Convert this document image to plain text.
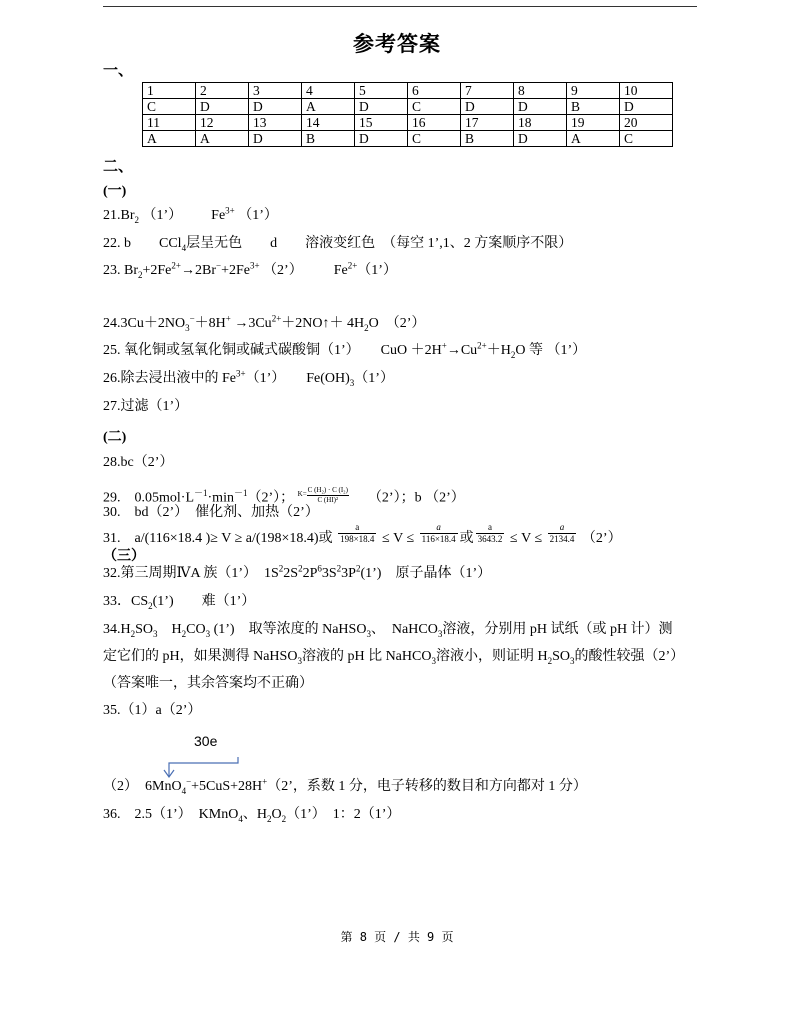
参考答案
一、
1	2	3	4	5	6	7	8	9	10
C	D	D	A	D	C	D	D	B	D
11	12	13	14	15	16	17	18	19	20
A	A	D	B	D	C	B	D	A	C
二、
(一)
$21.Br_2$ （1’） $Fe^{3+}$ （1’）
22. b　　CCl$_4$层呈无色　　d　　溶液变红色　（每空 1’,1、2 方案顺序不限）
23. $Br_2+2Fe^{2+}\to 2Br^-+2Fe^{3+}$ （2’） $Fe^{2+}(1’)$
$24.3Cu+2NO_3^-+8H^+$ $\to 3Cu^{2+}+2NO↑+ 4H_2O$　（2’）
25. 氧化铜或氢氧化铜或碱式碳酸铜（1’）　　CuO $+2H^+\to Cu^{2+}+H_2O$ 等 （1’）
26.除去浸出液中的 $Fe^{3+}(1’)$　　$Fe(OH)_3(1’)$
27.过滤（1’）
(二)
28.bc（2’）
29.　$0.05mol\cdot L^{-1}\cdot\min^{-1}(2’)$； $^{K=} \frac{\text{C (H₂) · C (I₂)}}{\text{C (HI)²}}$ （2’）；b （2’）
30.　bd（2’）　催化剂、加热（2’）
31.　a/(116×18.4 )≥ V ≥ a/(198×18.4)或 $\frac{a}{198\times 18.4} \le V \le \frac{a}{116\times 18.4}$ 或 $\frac{a}{3643.2} \le V \le \frac{a}{2134.4}$ （2’）
（三）
32.第三周期ⅣA 族（1’）　$1S^22S^22P^63S^23P^2(1’)$　原子晶体（1’）
33．$CS_2(1’)$　　难（1’）
$34.H_2SO_3$　$H_2CO_3$ (1’)　取等浓度的 NaHSO$_3$、　NaHCO$_3$溶液，分别用 pH 试纸（或 pH 计）测
定它们的 pH，如果测得 NaHSO$_3$溶液的 pH 比 NaHCO$_3$溶液小，则证明 $H_2SO_3$的酸性较强（2’）
（答案唯一，其余答案均不正确）
35.（1）a（2’）
30e
（2）　6MnO$_4$−+5CuS+28H+（2’，系数 1 分，电子转移的数目和方向都对 1 分）
36.　2.5（1’）　KMnO$_4$、$H_2O_2(1’)$　1：2（1’）
第 8 页 / 共 9 页
